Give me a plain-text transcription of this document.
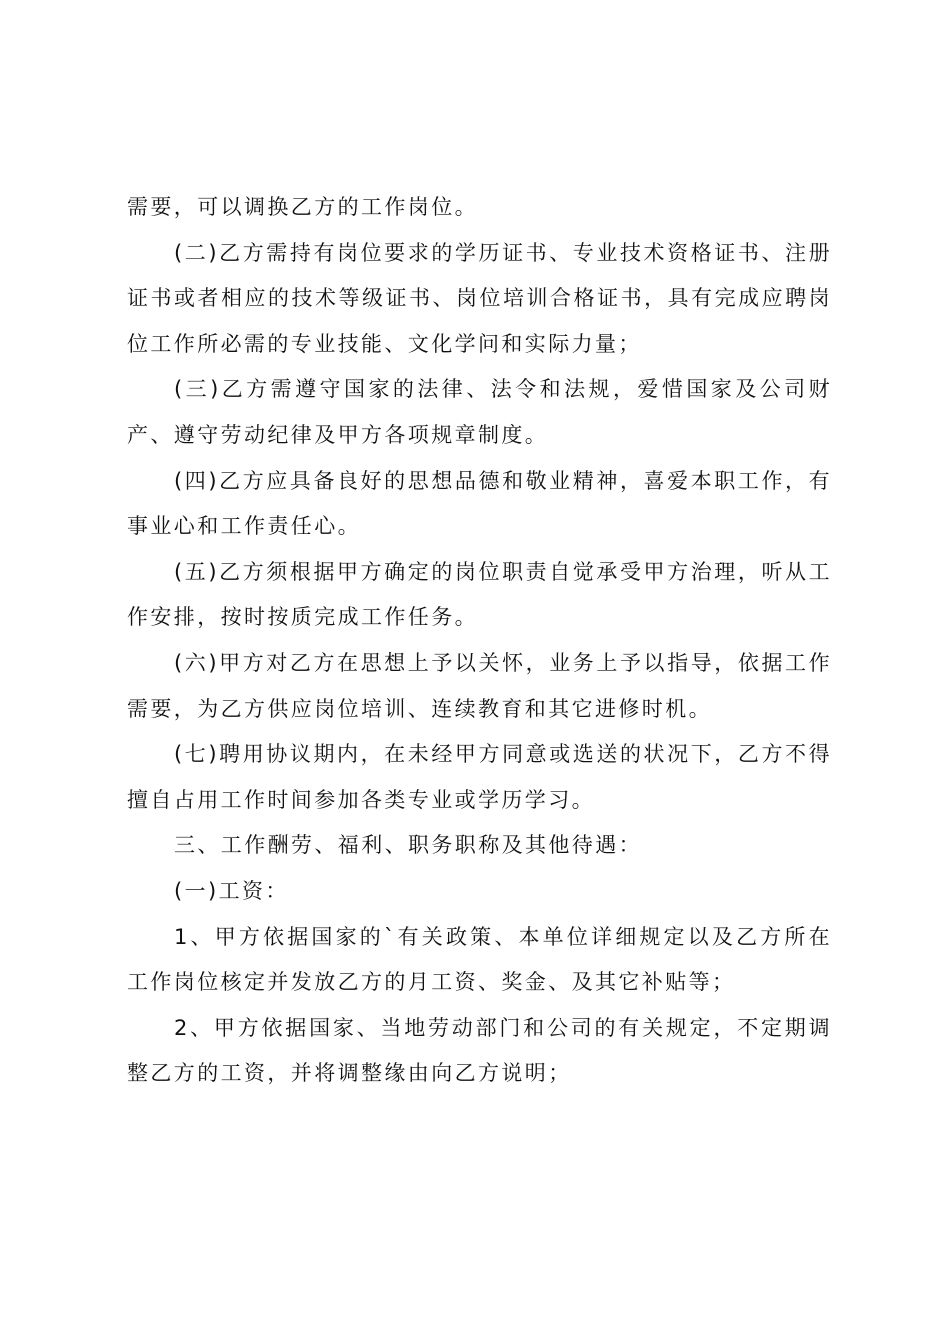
需要，可以调换乙方的工作岗位。

(二)乙方需持有岗位要求的学历证书、专业技术资格证书、注册证书或者相应的技术等级证书、岗位培训合格证书，具有完成应聘岗位工作所必需的专业技能、文化学问和实际力量；

(三)乙方需遵守国家的法律、法令和法规，爱惜国家及公司财产、遵守劳动纪律及甲方各项规章制度。

(四)乙方应具备良好的思想品德和敬业精神，喜爱本职工作，有事业心和工作责任心。

(五)乙方须根据甲方确定的岗位职责自觉承受甲方治理，听从工作安排，按时按质完成工作任务。

(六)甲方对乙方在思想上予以关怀，业务上予以指导，依据工作需要，为乙方供应岗位培训、连续教育和其它进修时机。

(七)聘用协议期内，在未经甲方同意或选送的状况下，乙方不得擅自占用工作时间参加各类专业或学历学习。

三、工作酬劳、福利、职务职称及其他待遇：

(一)工资：

1、甲方依据国家的`有关政策、本单位详细规定以及乙方所在工作岗位核定并发放乙方的月工资、奖金、及其它补贴等；

2、甲方依据国家、当地劳动部门和公司的有关规定，不定期调整乙方的工资，并将调整缘由向乙方说明；
